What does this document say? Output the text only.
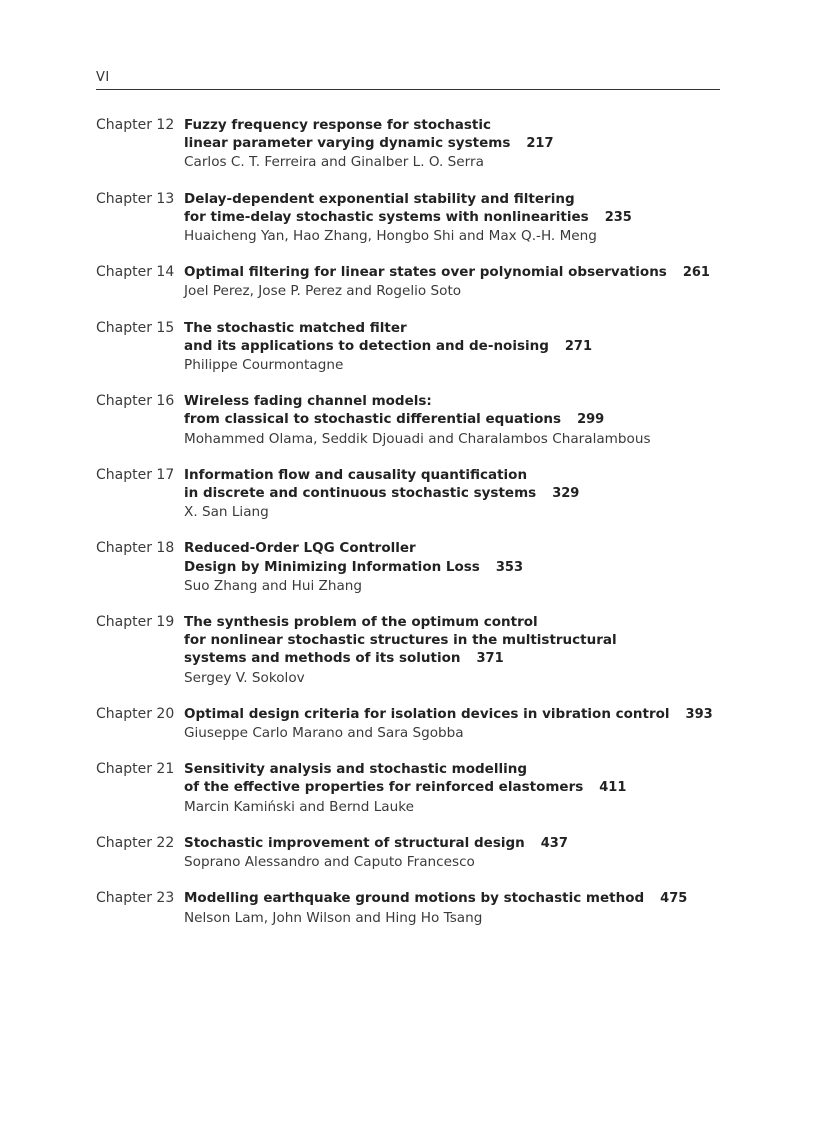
VI
Chapter 12 Fuzzy frequency response for stochastic
linear parameter varying dynamic systems 217
Carlos C. T. Ferreira and Ginalber L. O. Serra
Chapter 13 Delay-dependent exponential stability and filtering
for time-delay stochastic systems with nonlinearities 235
Huaicheng Yan, Hao Zhang, Hongbo Shi and Max Q.-H. Meng
Chapter 14 Optimal filtering for linear states over polynomial observations 261
Joel Perez, Jose P. Perez and Rogelio Soto
Chapter 15 The stochastic matched filter
and its applications to detection and de-noising 271
Philippe Courmontagne
Chapter 16 Wireless fading channel models:
from classical to stochastic differential equations 299
Mohammed Olama, Seddik Djouadi and Charalambos Charalambous
Chapter 17 Information flow and causality quantification
in discrete and continuous stochastic systems 329
X. San Liang
Chapter 18 Reduced-Order LQG Controller
Design by Minimizing Information Loss 353
Suo Zhang and Hui Zhang
Chapter 19 The synthesis problem of the optimum control
for nonlinear stochastic structures in the multistructural
systems and methods of its solution 371
Sergey V. Sokolov
Chapter 20 Optimal design criteria for isolation devices in vibration control 393
Giuseppe Carlo Marano and Sara Sgobba
Chapter 21 Sensitivity analysis and stochastic modelling
of the effective properties for reinforced elastomers 411
Marcin Kamiński and Bernd Lauke
Chapter 22 Stochastic improvement of structural design 437
Soprano Alessandro and Caputo Francesco
Chapter 23 Modelling earthquake ground motions by stochastic method 475
Nelson Lam, John Wilson and Hing Ho Tsang
